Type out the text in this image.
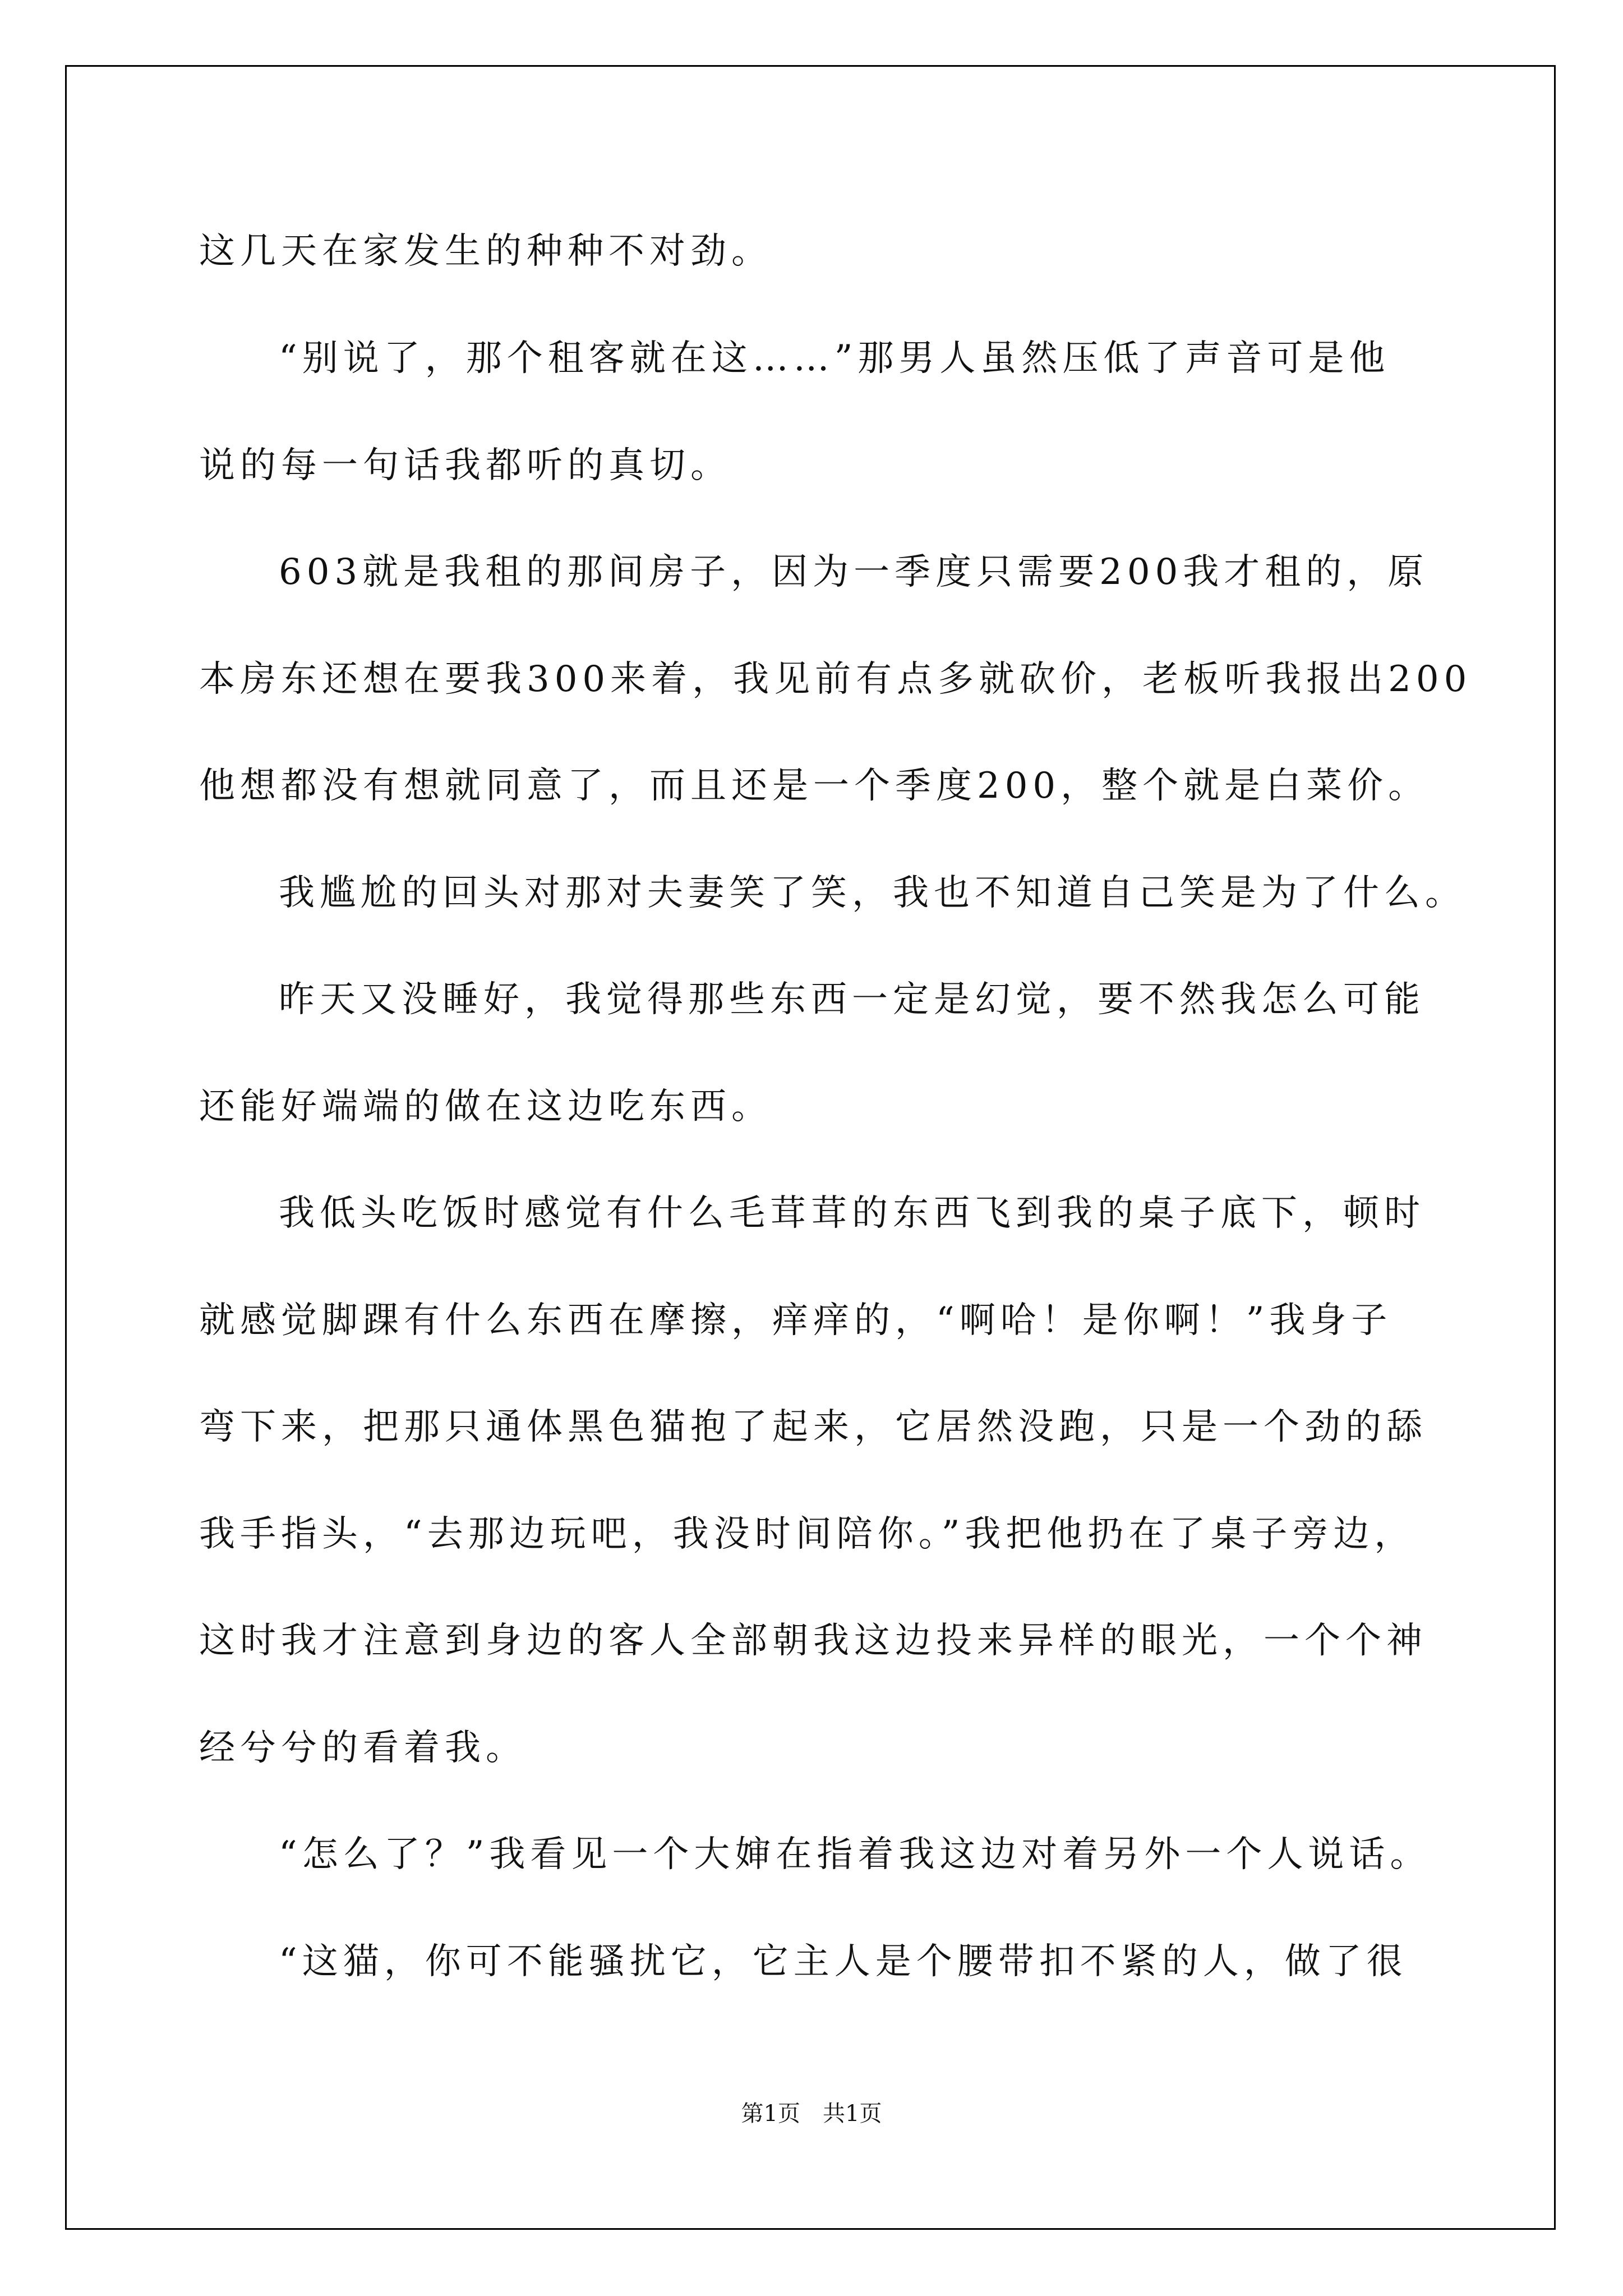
这几天在家发生的种种不对劲。
“别说了，那个租客就在这……”那男人虽然压低了声音可是他
说的每一句话我都听的真切。
603就是我租的那间房子，因为一季度只需要200我才租的，原
本房东还想在要我300来着，我见前有点多就砍价，老板听我报出200
他想都没有想就同意了，而且还是一个季度200，整个就是白菜价。
我尴尬的回头对那对夫妻笑了笑，我也不知道自己笑是为了什么。
昨天又没睡好，我觉得那些东西一定是幻觉，要不然我怎么可能
还能好端端的做在这边吃东西。
我低头吃饭时感觉有什么毛茸茸的东西飞到我的桌子底下，顿时
就感觉脚踝有什么东西在摩擦，痒痒的，“啊哈！是你啊！”我身子
弯下来，把那只通体黑色猫抱了起来，它居然没跑，只是一个劲的舔
我手指头，“去那边玩吧，我没时间陪你。”我把他扔在了桌子旁边，
这时我才注意到身边的客人全部朝我这边投来异样的眼光，一个个神
经兮兮的看着我。
“怎么了？”我看见一个大婶在指着我这边对着另外一个人说话。
“这猫，你可不能骚扰它，它主人是个腰带扣不紧的人，做了很
第1页　共1页
